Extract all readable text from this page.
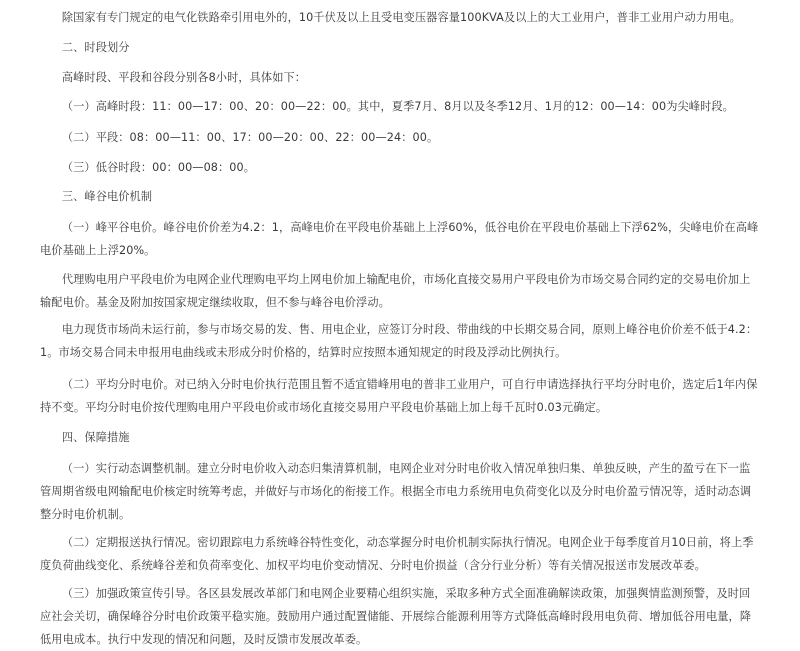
除国家有专门规定的电气化铁路牵引用电外的，10千伏及以上且受电变压器容量100KVA及以上的大工业用户，普非工业用户动力用电。

二、时段划分

高峰时段、平段和谷段分别各8小时，具体如下：

（一）高峰时段：11：00—17：00、20：00—22：00。其中，夏季7月、8月以及冬季12月、1月的12：00—14：00为尖峰时段。

（二）平段：08：00—11：00、17：00—20：00、22：00—24：00。

（三）低谷时段：00：00—08：00。

三、峰谷电价机制

（一）峰平谷电价。峰谷电价价差为4.2：1，高峰电价在平段电价基础上上浮60%，低谷电价在平段电价基础上下浮62%，尖峰电价在高峰电价基础上上浮20%。

代理购电用户平段电价为电网企业代理购电平均上网电价加上输配电价，市场化直接交易用户平段电价为市场交易合同约定的交易电价加上输配电价。基金及附加按国家规定继续收取，但不参与峰谷电价浮动。

电力现货市场尚未运行前，参与市场交易的发、售、用电企业，应签订分时段、带曲线的中长期交易合同，原则上峰谷电价价差不低于4.2：1。市场交易合同未申报用电曲线或未形成分时价格的，结算时应按照本通知规定的时段及浮动比例执行。

（二）平均分时电价。对已纳入分时电价执行范围且暂不适宜错峰用电的普非工业用户，可自行申请选择执行平均分时电价，选定后1年内保持不变。平均分时电价按代理购电用户平段电价或市场化直接交易用户平段电价基础上加上每千瓦时0.03元确定。

四、保障措施

（一）实行动态调整机制。建立分时电价收入动态归集清算机制，电网企业对分时电价收入情况单独归集、单独反映，产生的盈亏在下一监管周期省级电网输配电价核定时统筹考虑，并做好与市场化的衔接工作。根据全市电力系统用电负荷变化以及分时电价盈亏情况等，适时动态调整分时电价机制。

（二）定期报送执行情况。密切跟踪电力系统峰谷特性变化，动态掌握分时电价机制实际执行情况。电网企业于每季度首月10日前，将上季度负荷曲线变化、系统峰谷差和负荷率变化、加权平均电价变动情况、分时电价损益（含分行业分析）等有关情况报送市发展改革委。

（三）加强政策宣传引导。各区县发展改革部门和电网企业要精心组织实施，采取多种方式全面准确解读政策，加强舆情监测预警，及时回应社会关切，确保峰谷分时电价政策平稳实施。鼓励用户通过配置储能、开展综合能源利用等方式降低高峰时段用电负荷、增加低谷用电量，降低用电成本。执行中发现的情况和问题，及时反馈市发展改革委。
